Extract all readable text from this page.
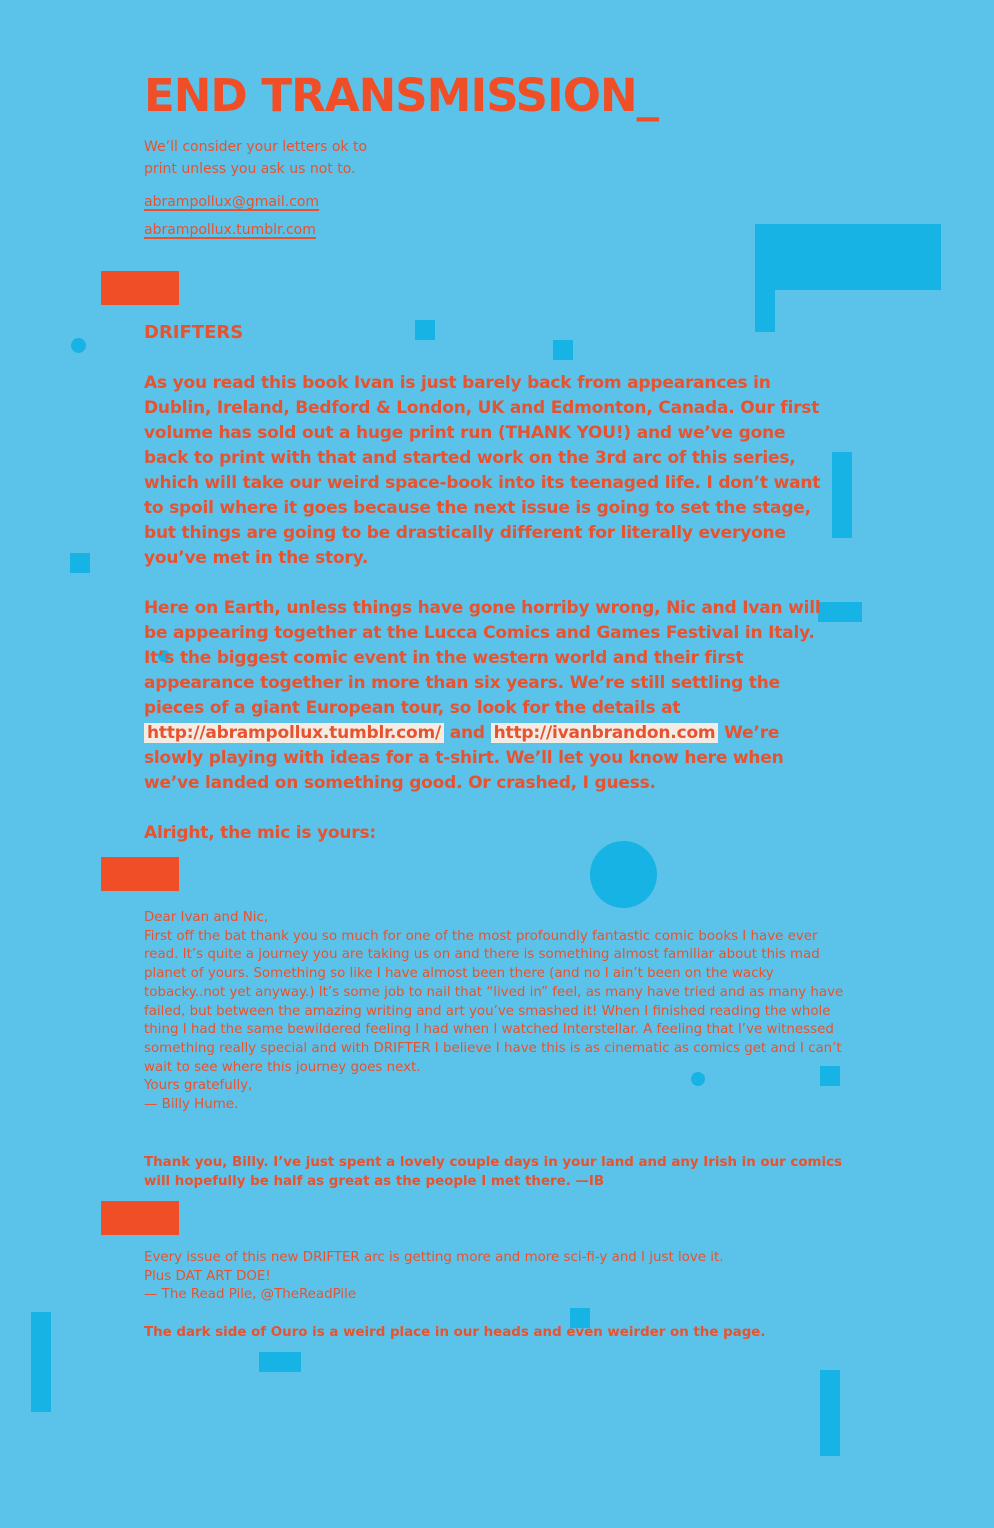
END TRANSMISSION_

We’ll consider your letters ok to print unless you ask us not to.

abrampollux@gmail.com
abrampollux.tumblr.com
DRIFTERS

As you read this book Ivan is just barely back from appearances in Dublin, Ireland, Bedford & London, UK and Edmonton, Canada. Our first volume has sold out a huge print run (THANK YOU!) and we’ve gone back to print with that and started work on the 3rd arc of this series, which will take our weird space-book into its teenaged life. I don’t want to spoil where it goes because the next issue is going to set the stage, but things are going to be drastically different for literally everyone you’ve met in the story.

Here on Earth, unless things have gone horriby wrong, Nic and Ivan will be appearing together at the Lucca Comics and Games Festival in Italy. It’s the biggest comic event in the western world and their first appearance together in more than six years. We’re still settling the pieces of a giant European tour, so look for the details at http://abrampollux.tumblr.com/ and http://ivanbrandon.com We’re slowly playing with ideas for a t-shirt. We’ll let you know here when we’ve landed on something good. Or crashed, I guess.

Alright, the mic is yours:

Dear Ivan and Nic,
First off the bat thank you so much for one of the most profoundly fantastic comic books I have ever read. It’s quite a journey you are taking us on and there is something almost familiar about this mad planet of yours. Something so like I have almost been there (and no I ain’t been on the wacky tobacky..not yet anyway.) It’s some job to nail that “lived in” feel, as many have tried and as many have failed, but between the amazing writing and art you’ve smashed it! When I finished reading the whole thing I had the same bewildered feeling I had when I watched Interstellar. A feeling that I’ve witnessed something really special and with DRIFTER I believe I have this is as cinematic as comics get and I can’t wait to see where this journey goes next.
Yours gratefully,
— Billy Hume.

Thank you, Billy. I’ve just spent a lovely couple days in your land and any Irish in our comics will hopefully be half as great as the people I met there. —IB

Every issue of this new DRIFTER arc is getting more and more sci-fi-y and I just love it.
Plus DAT ART DOE!
— The Read Pile, @TheReadPile

The dark side of Ouro is a weird place in our heads and even weirder on the page.
